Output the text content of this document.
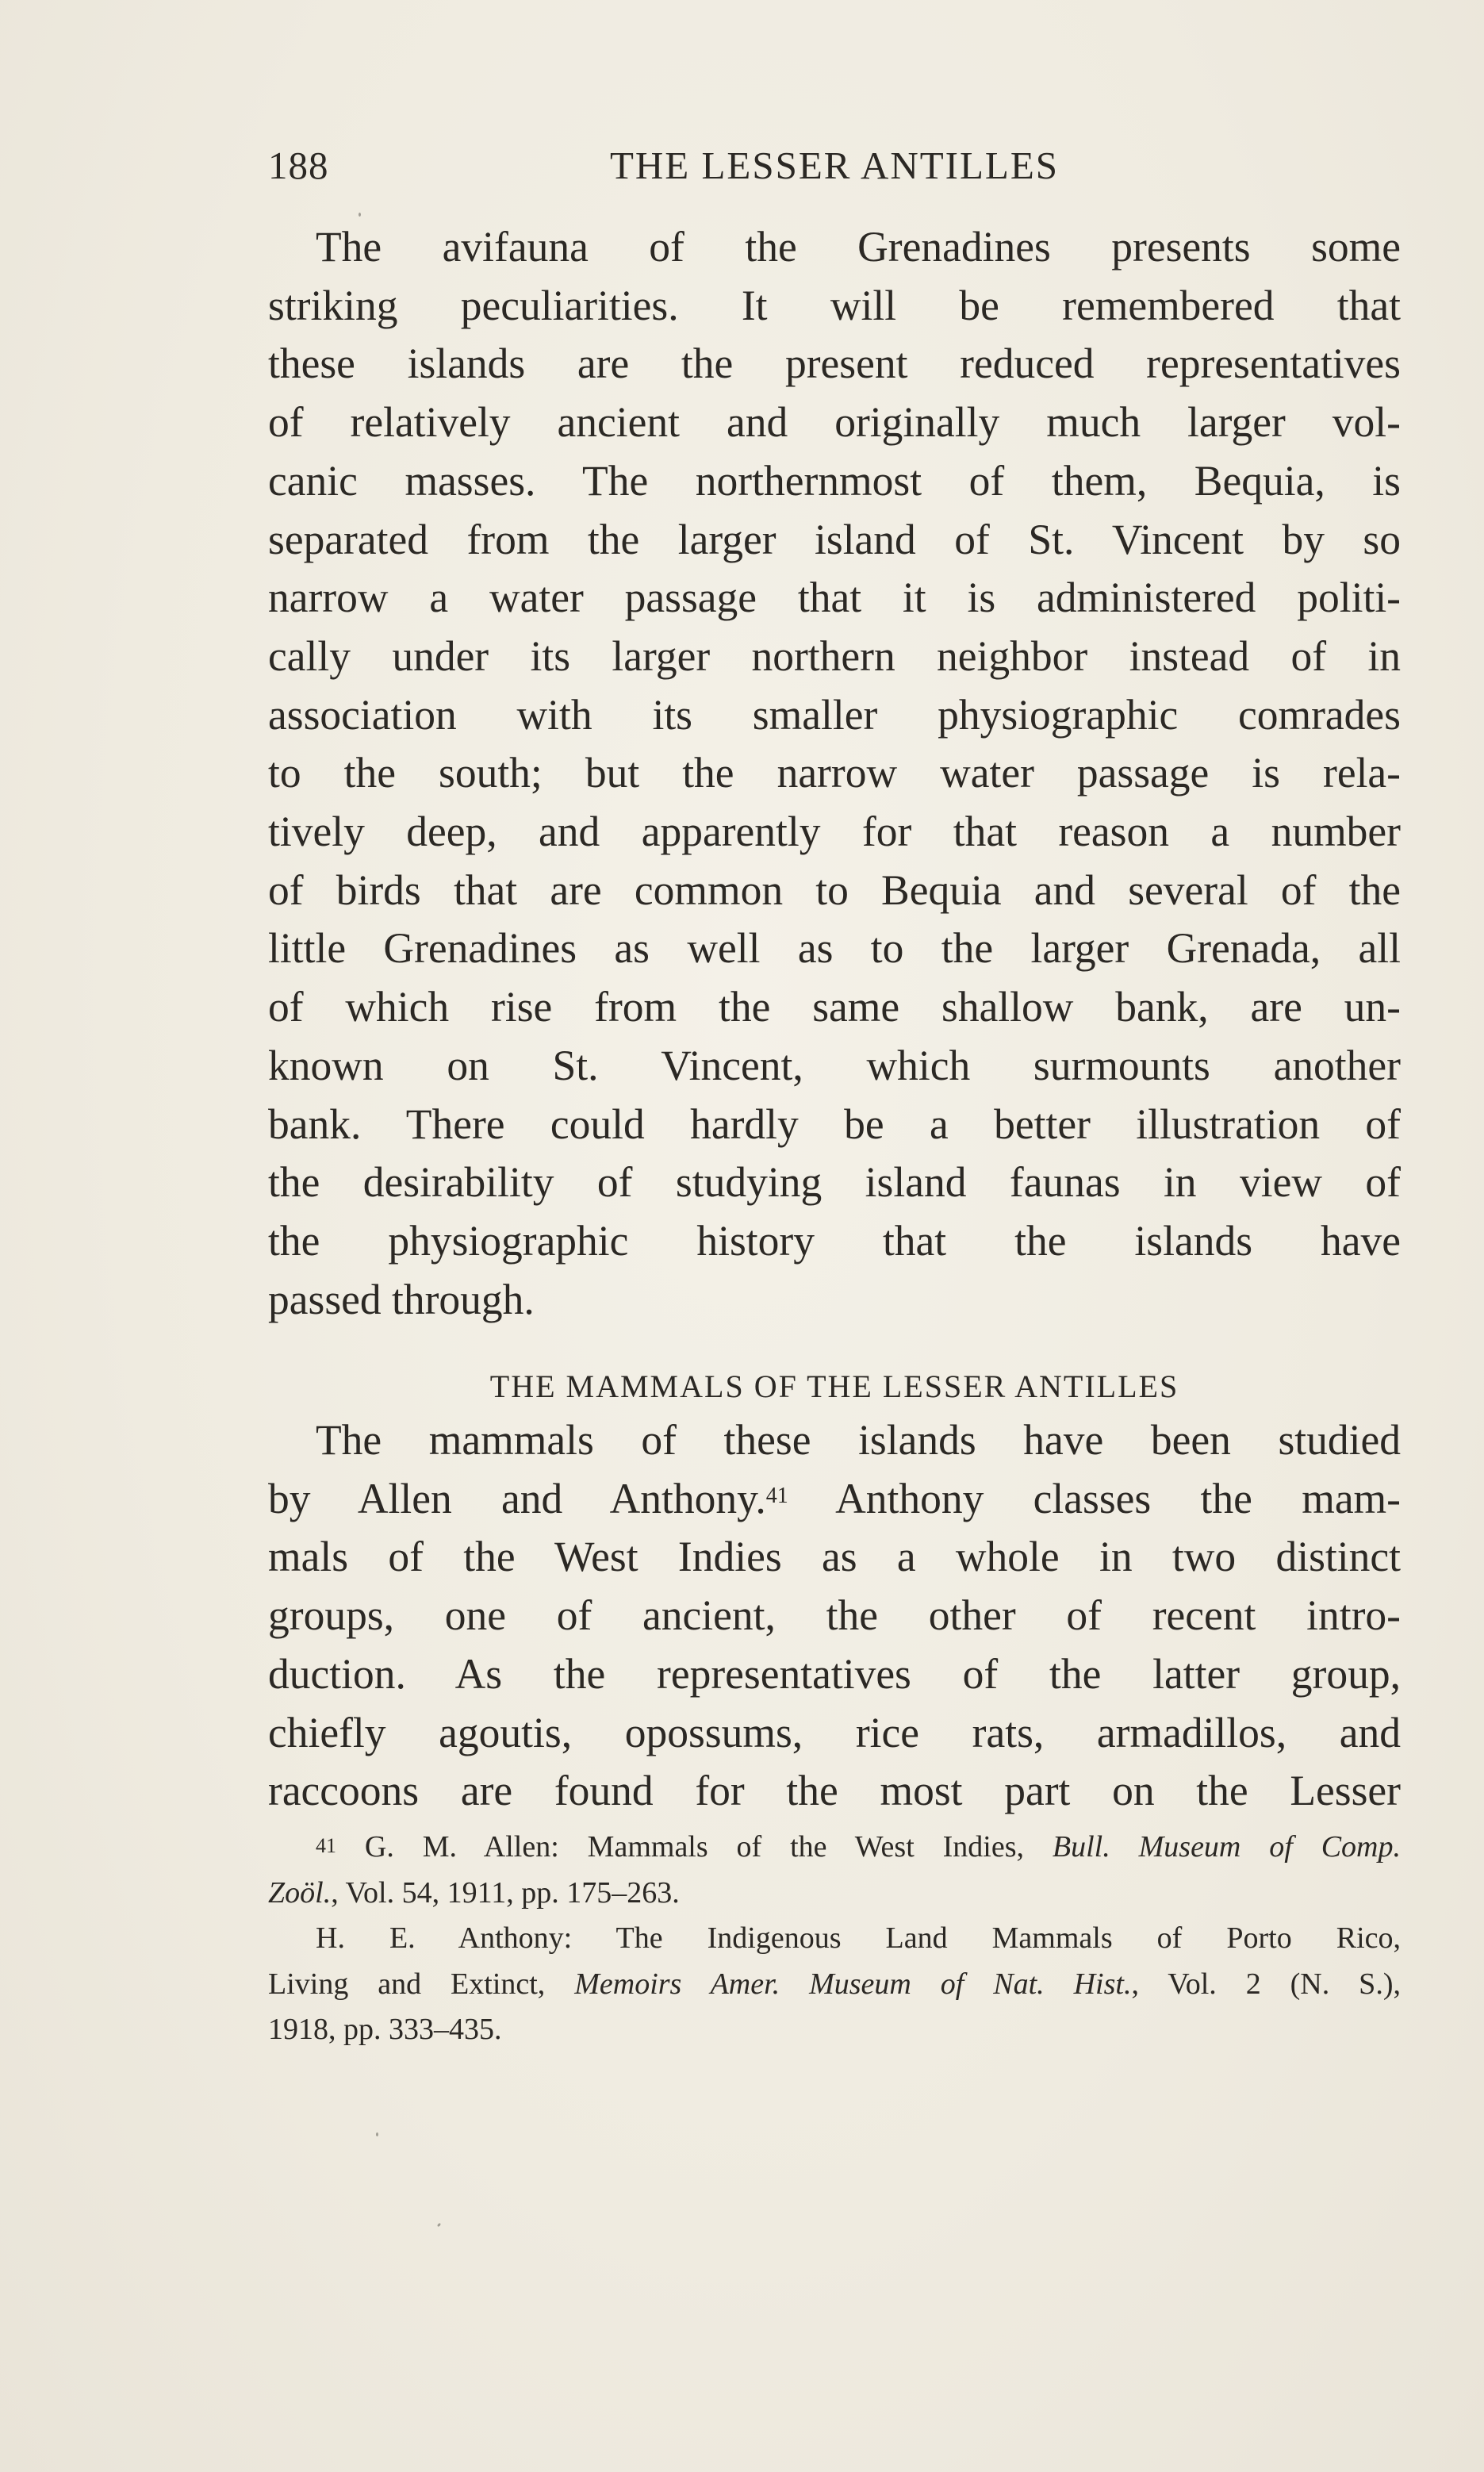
188	THE LESSER ANTILLES
The avifauna of the Grenadines presents some
striking peculiarities. It will be remembered that
these islands are the present reduced representatives
of relatively ancient and originally much larger vol-
canic masses. The northernmost of them, Bequia, is
separated from the larger island of St. Vincent by so
narrow a water passage that it is administered politi-
cally under its larger northern neighbor instead of in
association with its smaller physiographic comrades
to the south; but the narrow water passage is rela-
tively deep, and apparently for that reason a number
of birds that are common to Bequia and several of the
little Grenadines as well as to the larger Grenada, all
of which rise from the same shallow bank, are un-
known on St. Vincent, which surmounts another
bank. There could hardly be a better illustration of
the desirability of studying island faunas in view of
the physiographic history that the islands have
passed through.
THE MAMMALS OF THE LESSER ANTILLES
The mammals of these islands have been studied
by Allen and Anthony.$^{41}$ Anthony classes the mam-
mals of the West Indies as a whole in two distinct
groups, one of ancient, the other of recent intro-
duction. As the representatives of the latter group,
chiefly agoutis, opossums, rice rats, armadillos, and
raccoons are found for the most part on the Lesser
$^{41}$ G. M. Allen: Mammals of the West Indies, Bull. Museum of Comp.
Zoöl., Vol. 54, 1911, pp. 175–263.
H. E. Anthony: The Indigenous Land Mammals of Porto Rico,
Living and Extinct, Memoirs Amer. Museum of Nat. Hist., Vol. 2 (N. S.),
1918, pp. 333–435.
